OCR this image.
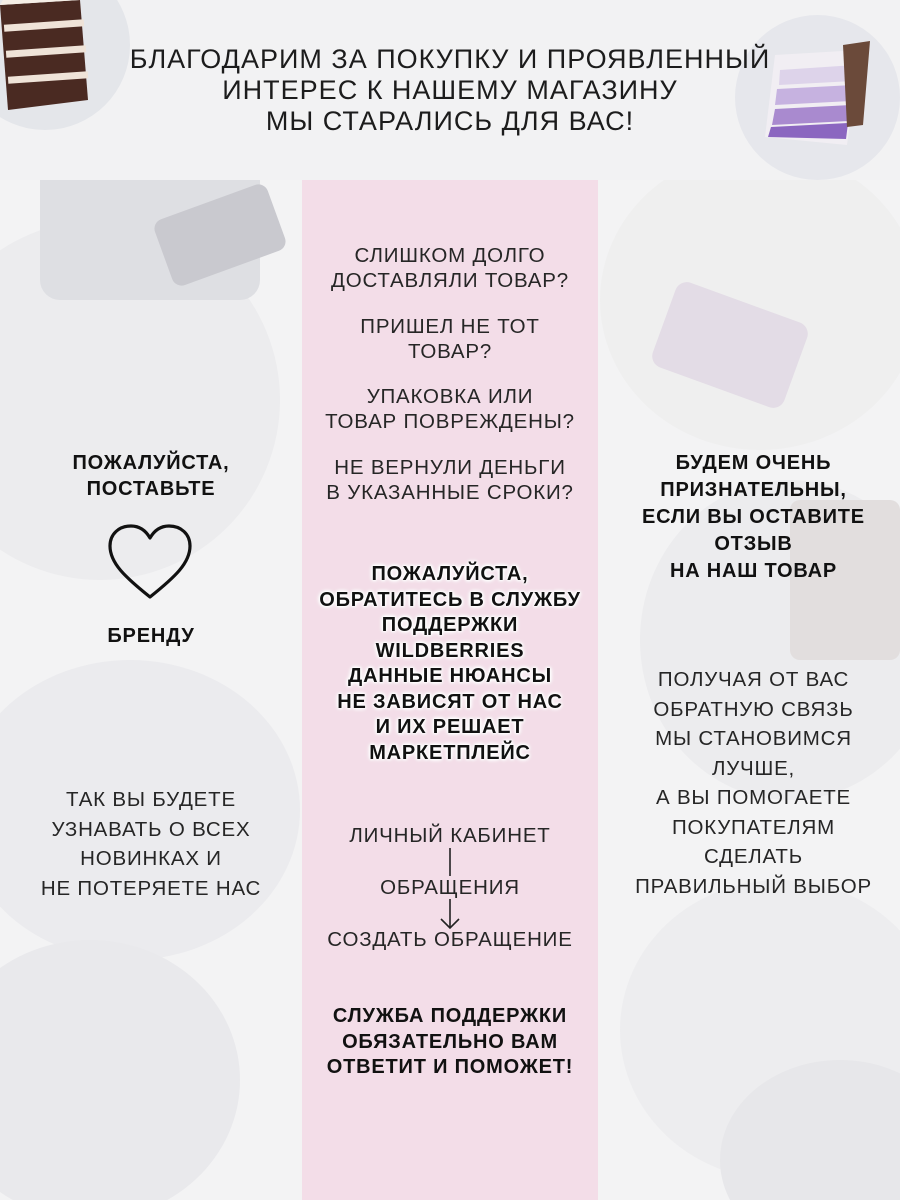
БЛАГОДАРИМ ЗА ПОКУПКУ И ПРОЯВЛЕННЫЙ
ИНТЕРЕС К НАШЕМУ МАГАЗИНУ
МЫ СТАРАЛИСЬ ДЛЯ ВАС!
СЛИШКОМ ДОЛГО
ДОСТАВЛЯЛИ ТОВАР?
ПРИШЕЛ НЕ ТОТ
ТОВАР?
УПАКОВКА ИЛИ
ТОВАР ПОВРЕЖДЕНЫ?
НЕ ВЕРНУЛИ ДЕНЬГИ
В УКАЗАННЫЕ СРОКИ?
ПОЖАЛУЙСТА,
ОБРАТИТЕСЬ В СЛУЖБУ
ПОДДЕРЖКИ
WILDBERRIES
ДАННЫЕ НЮАНСЫ
НЕ ЗАВИСЯТ ОТ НАС
И ИХ РЕШАЕТ
МАРКЕТПЛЕЙС
ЛИЧНЫЙ КАБИНЕТ
ОБРАЩЕНИЯ
СОЗДАТЬ ОБРАЩЕНИЕ
СЛУЖБА ПОДДЕРЖКИ
ОБЯЗАТЕЛЬНО ВАМ
ОТВЕТИТ И ПОМОЖЕТ!
ПОЖАЛУЙСТА,
ПОСТАВЬТЕ
БРЕНДУ
ТАК ВЫ БУДЕТЕ
УЗНАВАТЬ О ВСЕХ
НОВИНКАХ И
НЕ ПОТЕРЯЕТЕ НАС
БУДЕМ ОЧЕНЬ
ПРИЗНАТЕЛЬНЫ,
ЕСЛИ ВЫ ОСТАВИТЕ
ОТЗЫВ
НА НАШ ТОВАР
ПОЛУЧАЯ ОТ ВАС
ОБРАТНУЮ СВЯЗЬ
МЫ СТАНОВИМСЯ
ЛУЧШЕ,
А ВЫ ПОМОГАЕТЕ
ПОКУПАТЕЛЯМ
СДЕЛАТЬ
ПРАВИЛЬНЫЙ ВЫБОР
